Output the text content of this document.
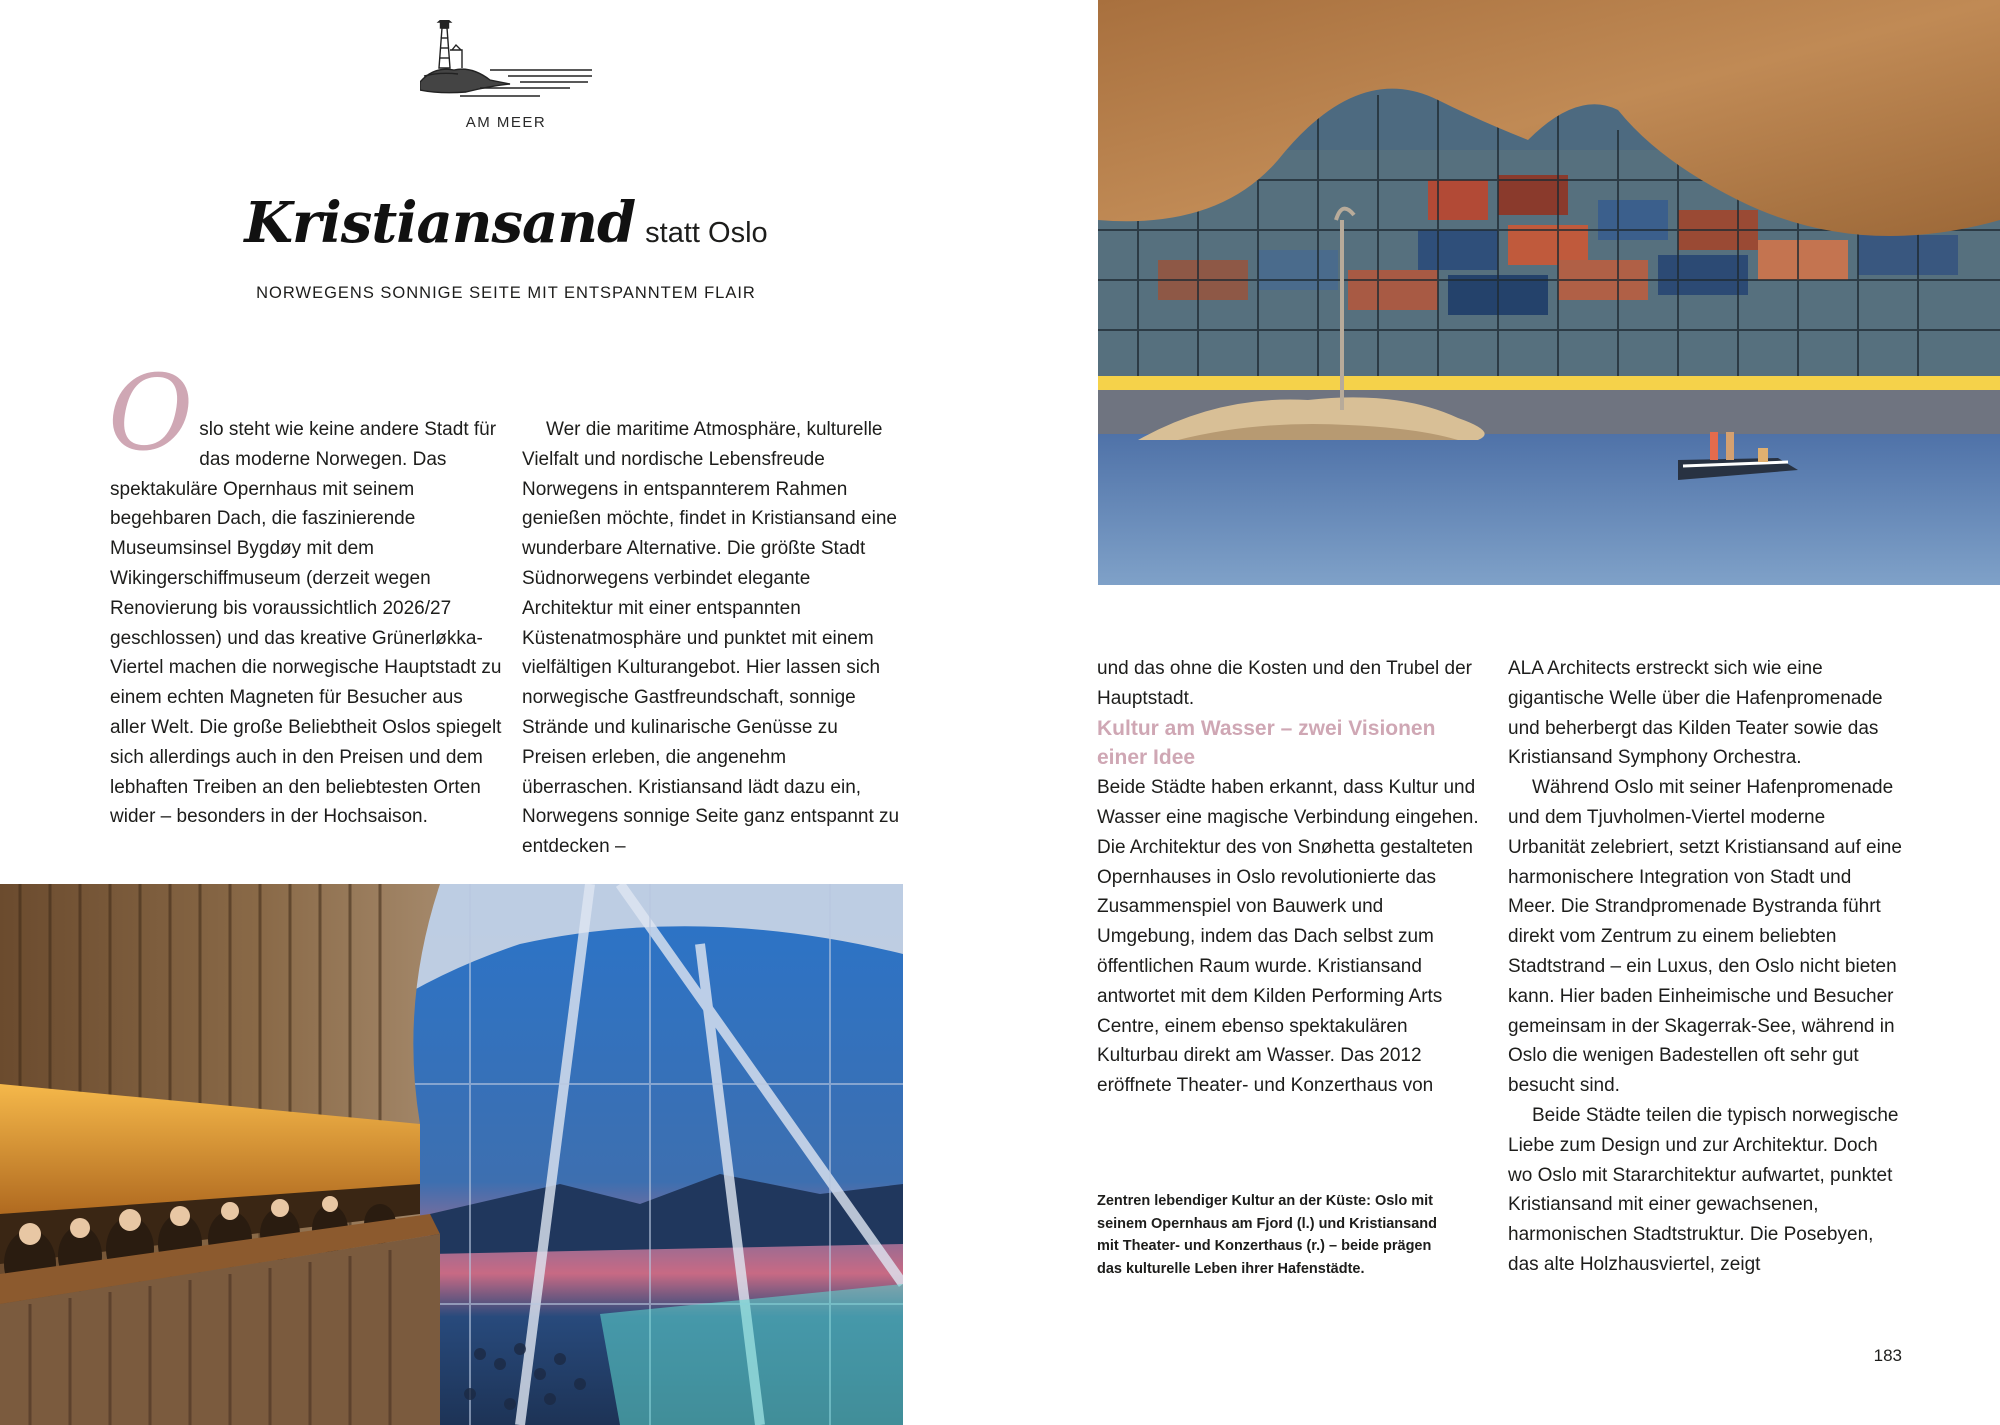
AM MEER
Kristiansand statt Oslo
NORWEGENS SONNIGE SEITE MIT ENTSPANNTEM FLAIR
Oslo steht wie keine andere Stadt für das moderne Norwegen. Das spektakuläre Opernhaus mit seinem begehbaren Dach, die faszinierende Museumsinsel Bygdøy mit dem Wikingerschiffmuseum (derzeit wegen Renovierung bis voraussichtlich 2026/27 geschlossen) und das kreative Grünerløkka-Viertel machen die norwegische Hauptstadt zu einem echten Magneten für Besucher aus aller Welt. Die große Beliebtheit Oslos spiegelt sich allerdings auch in den Preisen und dem lebhaften Treiben an den beliebtesten Orten wider – besonders in der Hochsaison.
Wer die maritime Atmosphäre, kulturelle Vielfalt und nordische Lebensfreude Norwegens in entspannterem Rahmen genießen möchte, findet in Kristiansand eine wunderbare Alternative. Die größte Stadt Südnorwegens verbindet elegante Architektur mit einer entspannten Küstenatmosphäre und punktet mit einem vielfältigen Kulturangebot. Hier lassen sich norwegische Gastfreundschaft, sonnige Strände und kulinarische Genüsse zu Preisen erleben, die angenehm überraschen. Kristiansand lädt dazu ein, Norwegens sonnige Seite ganz entspannt zu entdecken –

und das ohne die Kosten und den Trubel der Hauptstadt.

Kultur am Wasser – zwei Visionen einer Idee

Beide Städte haben erkannt, dass Kultur und Wasser eine magische Verbindung eingehen. Die Architektur des von Snøhetta gestalteten Opernhauses in Oslo revolutionierte das Zusammenspiel von Bauwerk und Umgebung, indem das Dach selbst zum öffentlichen Raum wurde. Kristiansand antwortet mit dem Kilden Performing Arts Centre, einem ebenso spektakulären Kulturbau direkt am Wasser. Das 2012 eröffnete Theater- und Konzerthaus von

Zentren lebendiger Kultur an der Küste: Oslo mit seinem Opernhaus am Fjord (l.) und Kristiansand mit Theater- und Konzerthaus (r.) – beide prägen das kulturelle Leben ihrer Hafenstädte.

ALA Architects erstreckt sich wie eine gigantische Welle über die Hafenpromenade und beherbergt das Kilden Teater sowie das Kristiansand Symphony Orchestra.

Während Oslo mit seiner Hafenpromenade und dem Tjuvholmen-Viertel moderne Urbanität zelebriert, setzt Kristiansand auf eine harmonischere Integration von Stadt und Meer. Die Strandpromenade Bystranda führt direkt vom Zentrum zu einem beliebten Stadtstrand – ein Luxus, den Oslo nicht bieten kann. Hier baden Einheimische und Besucher gemeinsam in der Skagerrak-See, während in Oslo die wenigen Badestellen oft sehr gut besucht sind.

Beide Städte teilen die typisch norwegische Liebe zum Design und zur Architektur. Doch wo Oslo mit Stararchitektur aufwartet, punktet Kristiansand mit einer gewachsenen, harmonischen Stadtstruktur. Die Posebyen, das alte Holzhausviertel, zeigt

183
